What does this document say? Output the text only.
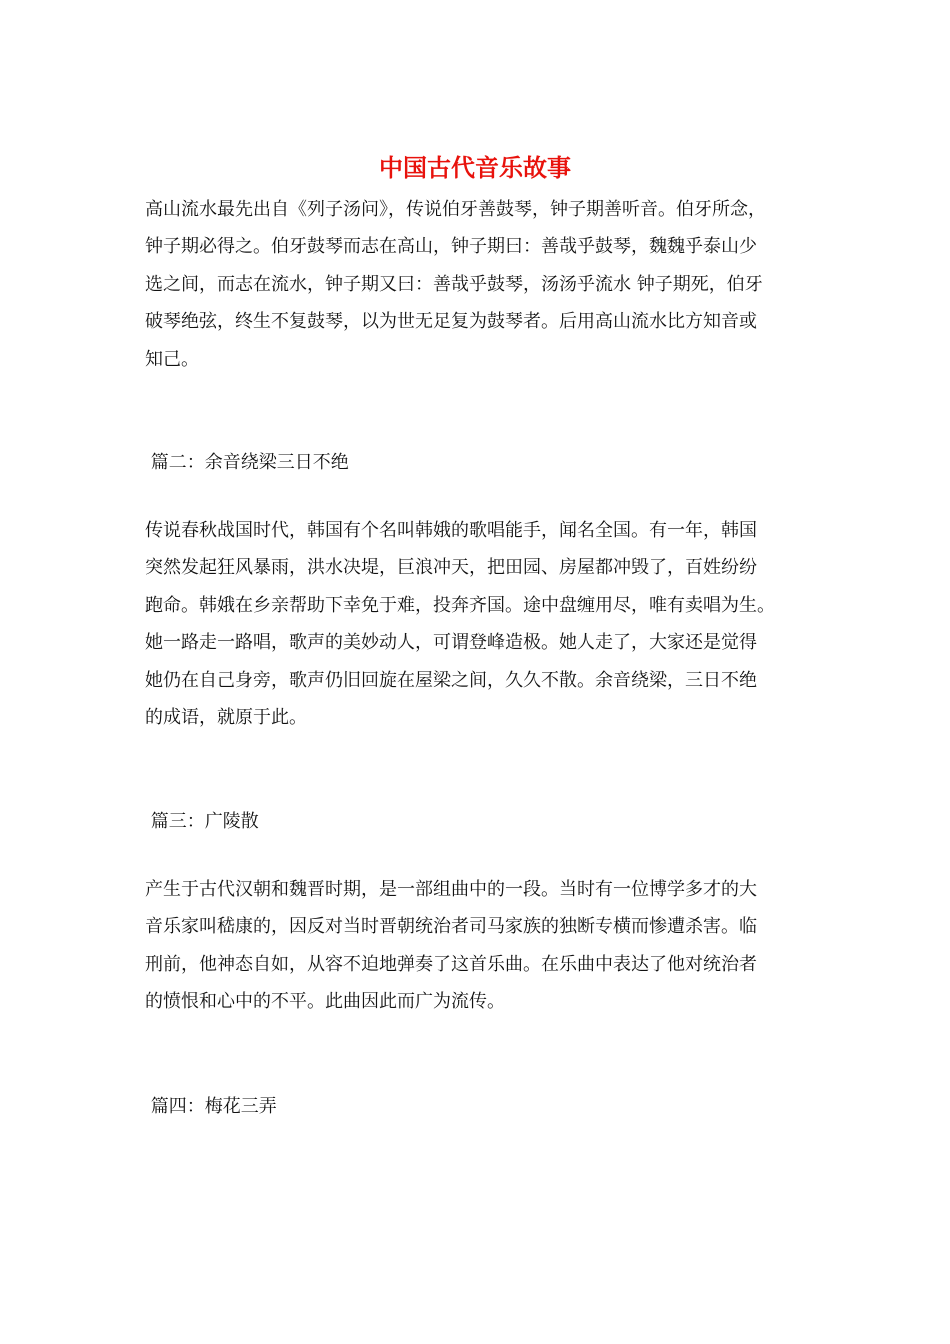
中国古代音乐故事
高山流水最先出自《列子汤问》，传说伯牙善鼓琴，钟子期善听音。伯牙所念，
钟子期必得之。伯牙鼓琴而志在高山，钟子期曰：善哉乎鼓琴，魏魏乎泰山少
选之间，而志在流水，钟子期又曰：善哉乎鼓琴，汤汤乎流水 钟子期死，伯牙
破琴绝弦，终生不复鼓琴，以为世无足复为鼓琴者。后用高山流水比方知音或
知己。
篇二：余音绕梁三日不绝
传说春秋战国时代，韩国有个名叫韩娥的歌唱能手，闻名全国。有一年，韩国
突然发起狂风暴雨，洪水决堤，巨浪冲天，把田园、房屋都冲毁了，百姓纷纷
跑命。韩娥在乡亲帮助下幸免于难，投奔齐国。途中盘缠用尽，唯有卖唱为生。
她一路走一路唱，歌声的美妙动人，可谓登峰造极。她人走了，大家还是觉得
她仍在自己身旁，歌声仍旧回旋在屋梁之间，久久不散。余音绕梁，三日不绝
的成语，就原于此。
篇三：广陵散
产生于古代汉朝和魏晋时期，是一部组曲中的一段。当时有一位博学多才的大
音乐家叫嵇康的，因反对当时晋朝统治者司马家族的独断专横而惨遭杀害。临
刑前，他神态自如，从容不迫地弹奏了这首乐曲。在乐曲中表达了他对统治者
的愤恨和心中的不平。此曲因此而广为流传。
篇四：梅花三弄
